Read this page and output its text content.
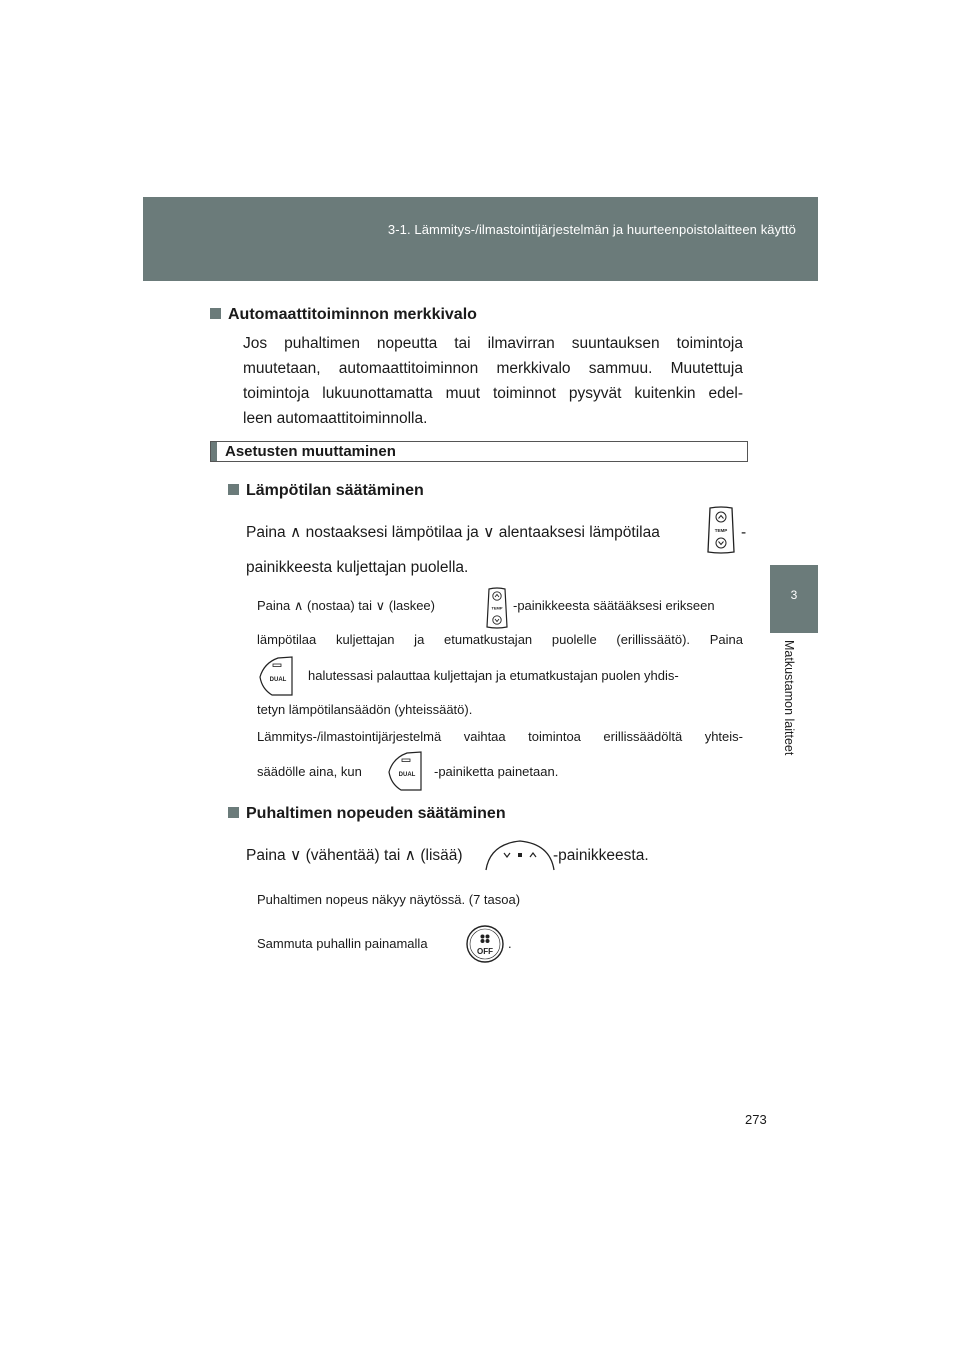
3-1. Lämmitys-/ilmastointijärjestelmän ja huurteenpoistolaitteen käyttö
3
Matkustamon laitteet
273
Automaattitoiminnon merkkivalo
Jos puhaltimen nopeutta tai ilmavirran suuntauksen toimintoja
muutetaan, automaattitoiminnon merkkivalo sammuu. Muutettuja
toimintoja lukuunottamatta muut toiminnot pysyvät kuitenkin edel-
leen automaattitoiminnolla.
Asetusten muuttaminen
Lämpötilan säätäminen
Paina ∧ nostaaksesi lämpötilaa ja ∨ alentaaksesi lämpötilaa	TEMP -
painikkeesta kuljettajan puolella.
Paina ∧ (nostaa) tai ∨ (laskee)	TEMP -painikkeesta säätääksesi erikseen
lämpötilaa kuljettajan ja etumatkustajan puolelle (erillissäätö). Paina
DUAL halutessasi palauttaa kuljettajan ja etumatkustajan puolen yhdis-
tetyn lämpötilansäädön (yhteissäätö).
Lämmitys-/ilmastointijärjestelmä vaihtaa toimintoa erillissäädöltä yhteis-
säädölle aina, kun	DUAL -painiketta painetaan.
Puhaltimen nopeuden säätäminen
Paina ∨ (vähentää) tai ∧ (lisää)	-painikkeesta.
Puhaltimen nopeus näkyy näytössä. (7 tasoa)
Sammuta puhallin painamalla
OFF
.
